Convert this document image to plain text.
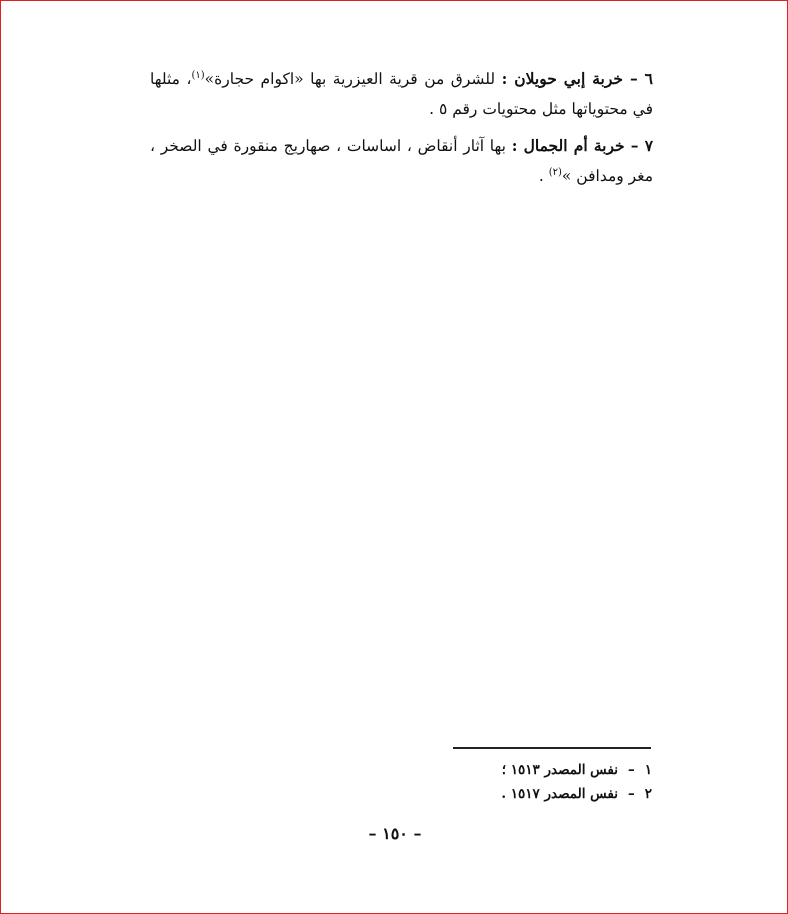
٦ – خربة إبي حويلان : للشرق من قرية العيزرية بها «اكوام حجارة»$^{(١)}$، مثلها في محتوياتها مثل محتويات رقم ٥ .

٧ – خربة أم الجمال : بها آثار أنقاض ، اساسات ، صهاريج منقورة في الصخر ، مغر ومدافن »$^{(٢)}$ .

١
–
نفس المصدر ١٥١٣ ؛
٢
–
نفس المصدر ١٥١٧ .
– ١٥٠ –
